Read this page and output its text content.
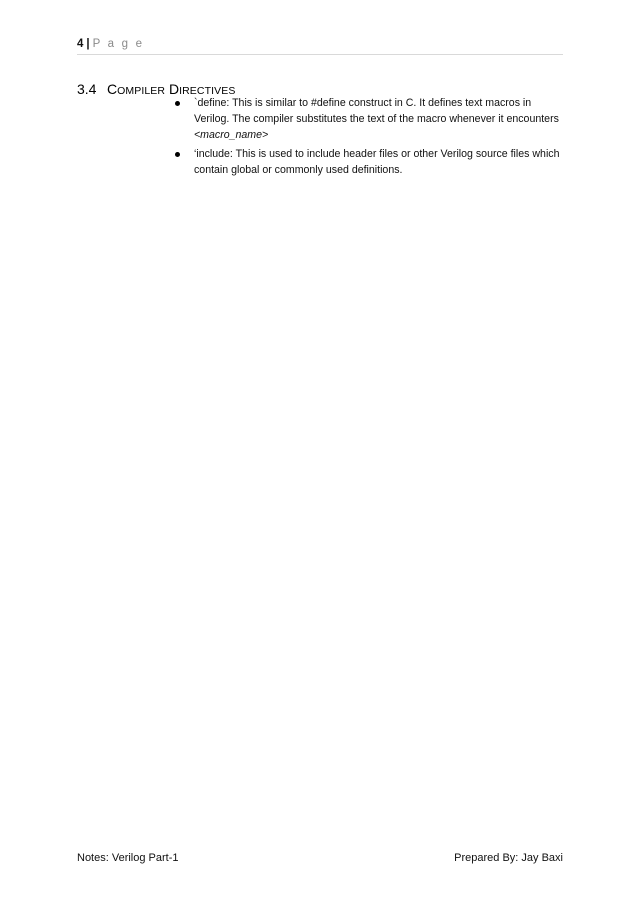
4 | P a g e
3.4 COMPILER DIRECTIVES
`define: This is similar to #define construct in C. It defines text macros in Verilog. The compiler substitutes the text of the macro whenever it encounters <macro_name>
‘include: This is used to include header files or other Verilog source files which contain global or commonly used definitions.
Notes: Verilog Part-1	Prepared By: Jay Baxi
